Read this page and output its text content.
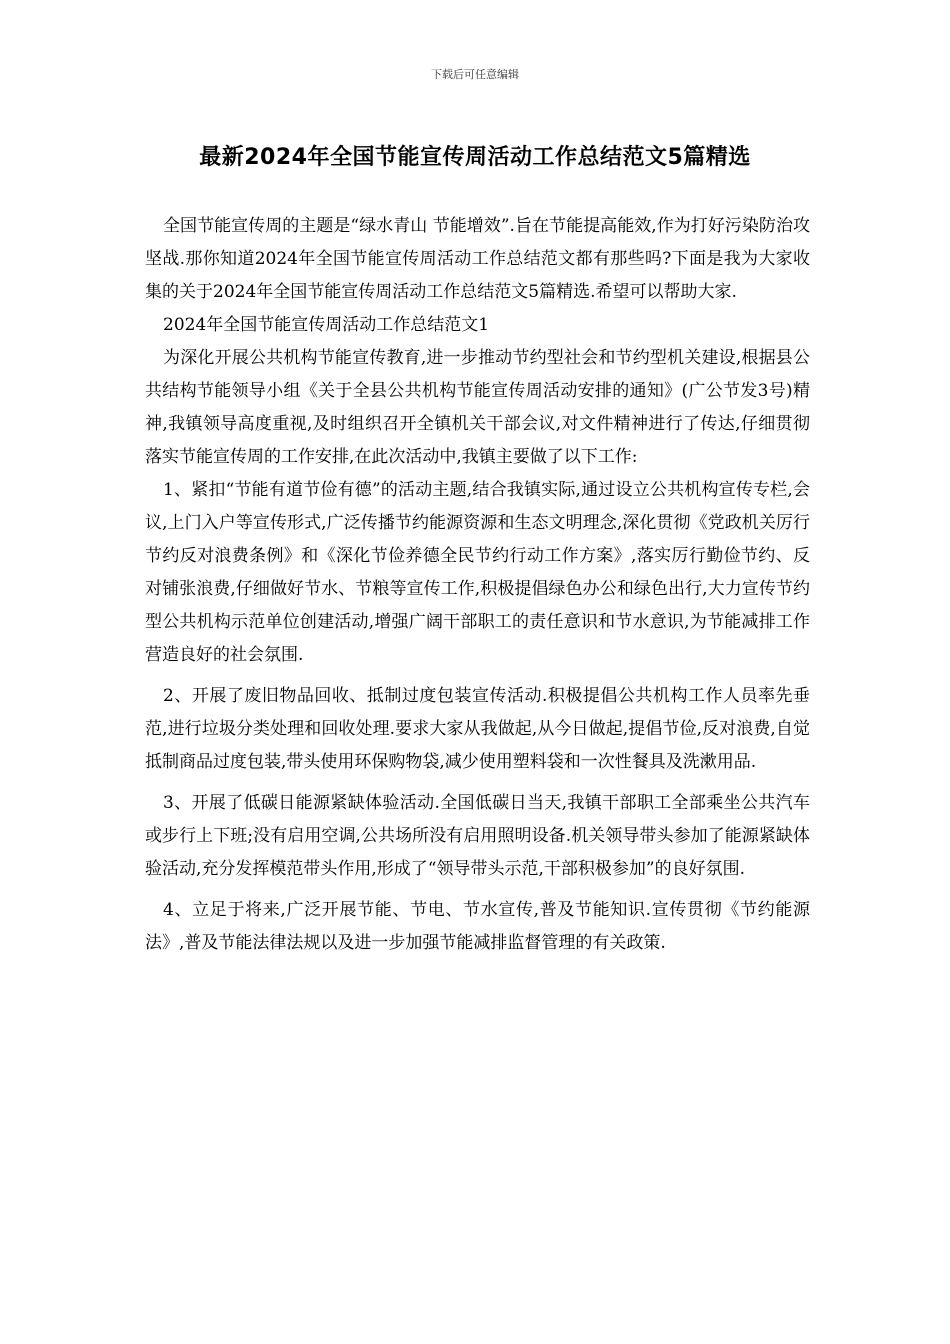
下载后可任意编辑
最新2024年全国节能宣传周活动工作总结范文5篇精选

全国节能宣传周的主题是“绿水青山 节能增效”.旨在节能提高能效,作为打好污染防治攻坚战.那你知道2024年全国节能宣传周活动工作总结范文都有那些吗?下面是我为大家收集的关于2024年全国节能宣传周活动工作总结范文5篇精选.希望可以帮助大家.

2024年全国节能宣传周活动工作总结范文1

为深化开展公共机构节能宣传教育,进一步推动节约型社会和节约型机关建设,根据县公共结构节能领导小组《关于全县公共机构节能宣传周活动安排的通知》(广公节发3号)精神,我镇领导高度重视,及时组织召开全镇机关干部会议,对文件精神进行了传达,仔细贯彻落实节能宣传周的工作安排,在此次活动中,我镇主要做了以下工作:

1、紧扣“节能有道节俭有德”的活动主题,结合我镇实际,通过设立公共机构宣传专栏,会议,上门入户等宣传形式,广泛传播节约能源资源和生态文明理念,深化贯彻《党政机关厉行节约反对浪费条例》和《深化节俭养德全民节约行动工作方案》,落实厉行勤俭节约、反对铺张浪费,仔细做好节水、节粮等宣传工作,积极提倡绿色办公和绿色出行,大力宣传节约型公共机构示范单位创建活动,增强广阔干部职工的责任意识和节水意识,为节能减排工作营造良好的社会氛围.

2、开展了废旧物品回收、抵制过度包装宣传活动.积极提倡公共机构工作人员率先垂范,进行垃圾分类处理和回收处理.要求大家从我做起,从今日做起,提倡节俭,反对浪费,自觉抵制商品过度包装,带头使用环保购物袋,减少使用塑料袋和一次性餐具及洗漱用品.

3、开展了低碳日能源紧缺体验活动.全国低碳日当天,我镇干部职工全部乘坐公共汽车或步行上下班;没有启用空调,公共场所没有启用照明设备.机关领导带头参加了能源紧缺体验活动,充分发挥模范带头作用,形成了“领导带头示范,干部积极参加”的良好氛围.

4、立足于将来,广泛开展节能、节电、节水宣传,普及节能知识.宣传贯彻《节约能源法》,普及节能法律法规以及进一步加强节能减排监督管理的有关政策.
